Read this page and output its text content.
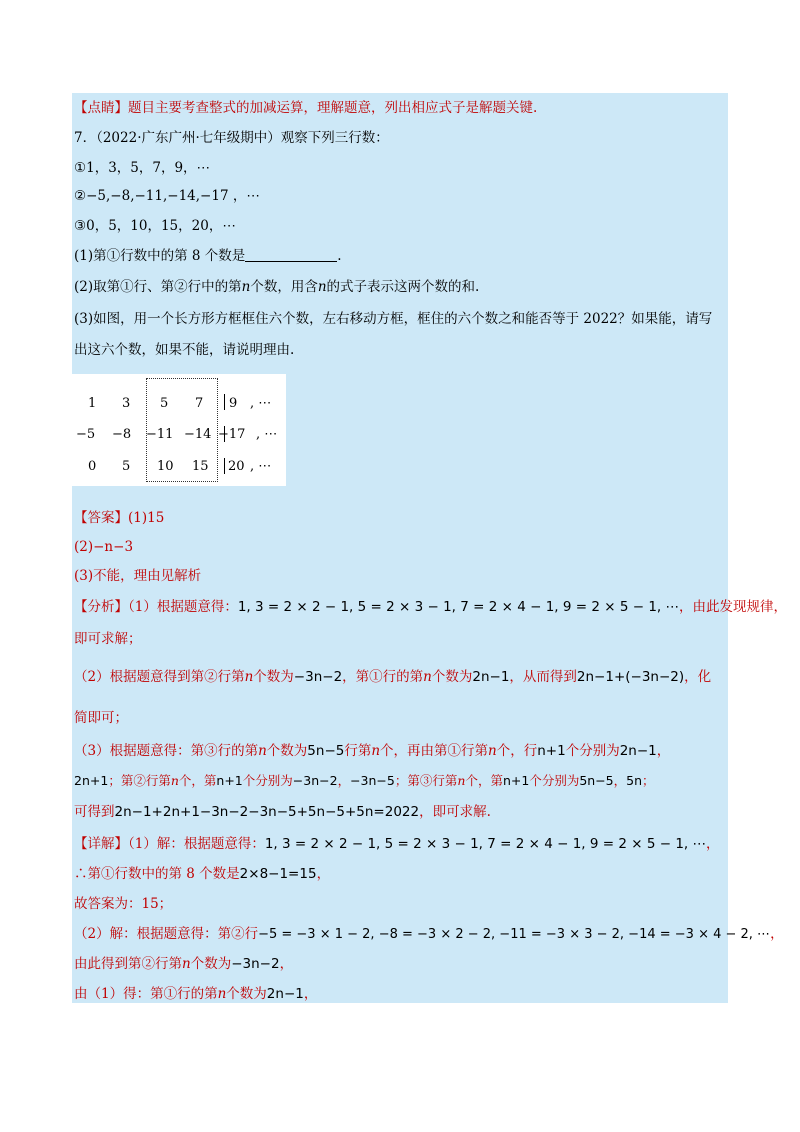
【点睛】题目主要考查整式的加减运算，理解题意，列出相应式子是解题关键.
7．（2022·广东广州·七年级期中）观察下列三行数：
①1，3，5，7，9，⋯
②−5,−8,−11,−14,−17 ，⋯
③0，5，10，15，20，⋯
(1)第①行数中的第 8 个数是	.
(2)取第①行、第②行中的第n个数，用含n的式子表示这两个数的和.
(3)如图，用一个长方形方框框住六个数，左右移动方框，框住的六个数之和能否等于 2022？如果能，请写
出这六个数，如果不能，请说明理由.
1 3 5 7 9 , ⋯
−5 −8 −11 −14 −17 , ⋯
0 5 10 15 20 , ⋯
【答案】(1)15
(2)−n−3
(3)不能，理由见解析
【分析】（1）根据题意得：1, 3 = 2 × 2 − 1, 5 = 2 × 3 − 1, 7 = 2 × 4 − 1, 9 = 2 × 5 − 1, ⋯，由此发现规律，
即可求解；
（2）根据题意得到第②行第n个数为−3n−2，第①行的第n个数为2n−1，从而得到2n−1+(−3n−2)，化
简即可；
（3）根据题意得：第③行的第n个数为5n−5行第n个，再由第①行第n个，行n+1个分别为2n−1，
2n+1；第②行第n个，第n+1个分别为−3n−2，−3n−5；第③行第n个，第n+1个分别为5n−5，5n；
可得到2n−1+2n+1−3n−2−3n−5+5n−5+5n=2022，即可求解.
【详解】（1）解：根据题意得：1, 3 = 2 × 2 − 1, 5 = 2 × 3 − 1, 7 = 2 × 4 − 1, 9 = 2 × 5 − 1, ⋯，
∴第①行数中的第 8 个数是2×8−1=15，
故答案为：15；
（2）解：根据题意得：第②行−5 = −3 × 1 − 2, −8 = −3 × 2 − 2, −11 = −3 × 3 − 2, −14 = −3 × 4 − 2, ⋯，
由此得到第②行第n个数为−3n−2，
由（1）得：第①行的第n个数为2n−1，
